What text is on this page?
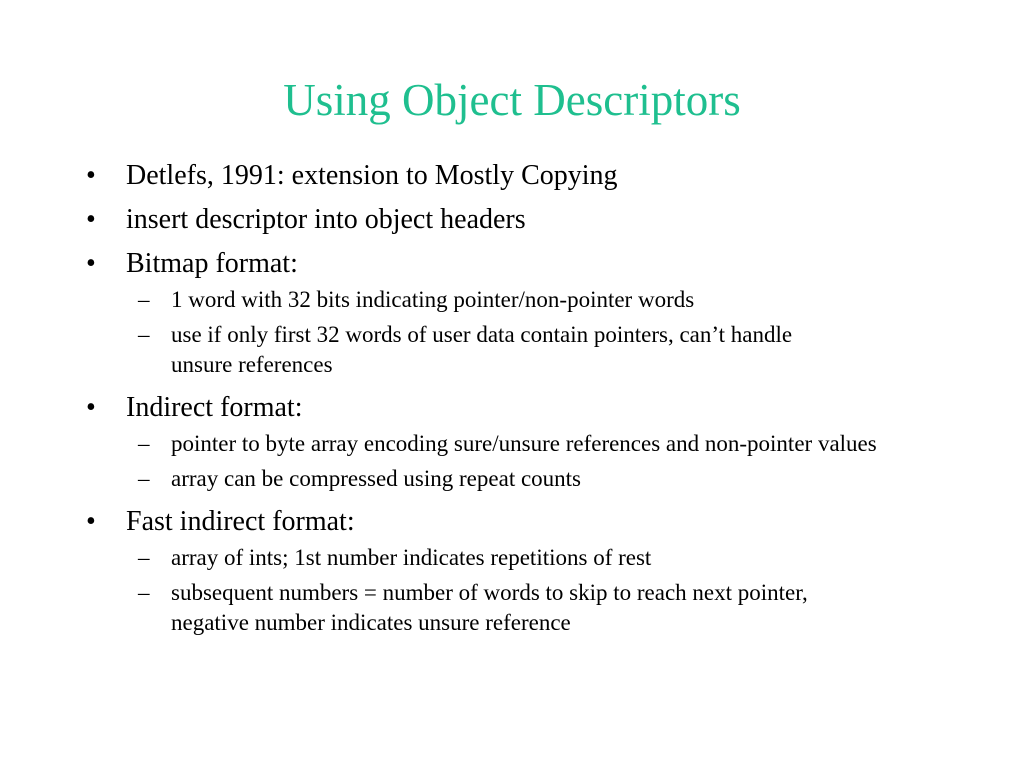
Using Object Descriptors
•	Detlefs, 1991: extension to Mostly Copying
•	insert descriptor into object headers
•	Bitmap format:
– 1 word with 32 bits indicating pointer/non-pointer words
– use if only first 32 words of user data contain pointers, can’t handle unsure references
•	Indirect format:
– pointer to byte array encoding sure/unsure references and non-pointer values
– array can be compressed using repeat counts
•	Fast indirect format:
– array of ints; 1st number indicates repetitions of rest
– subsequent numbers = number of words to skip to reach next pointer, negative number indicates unsure reference
